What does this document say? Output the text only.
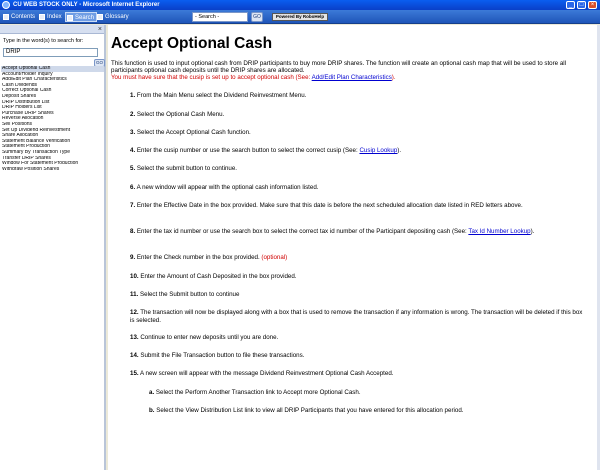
CU WEB STOCK ONLY - Microsoft Internet Explorer	_	□	×
Contents	Index	Search	Glossary	- Search -	GO	Powered By RoboHelp
×
Type in the word(s) to search for:
DRIP
GO
Accept Optional Cash
Account/Holder Inquiry
Add/Edit Plan Characteristics
Cash Dividends
Correct Optional Cash
Deposit Shares
DRIP Distribution List
DRIP Holders List
Purchase DRIP Shares
Reverse Allocation
Sell Positions
Set Up Dividend Reinvestment
Share Allocation
Statement Balance Verification
Statement Production
Summary By Transaction Type
Transfer DRIP Shares
Window For Statement Production
Withdraw Position Shares
Accept Optional Cash
This function is used to input optional cash from DRIP participants to buy more DRIP shares. The function will create an optional cash map that will be used to store all participants optional cash deposits until the DRIP shares are allocated.
You must have sure that the cusip is set up to accept optional cash (See: Add/Edit Plan Characteristics).
1. From the Main Menu select the Dividend Reinvestment Menu.
2. Select the Optional Cash Menu.
3. Select the Accept Optional Cash function.
4. Enter the cusip number or use the search button to select the correct cusip (See: Cusip Lookup).
5. Select the submit button to continue.
6. A new window will appear with the optional cash information listed.
7. Enter the Effective Date in the box provided. Make sure that this date is before the next scheduled allocation date listed in RED letters above.
8. Enter the tax id number or use the search box to select the correct tax id number of the Participant depositing cash (See: Tax Id Number Lookup).
9. Enter the Check number in the box provided. (optional)
10. Enter the Amount of Cash Deposited in the box provided.
11. Select the Submit button to continue
12. The transaction will now be displayed along with a box that is used to remove the transaction if any information is wrong. The transaction will be deleted if this box is selected.
13. Continue to enter new deposits until you are done.
14. Submit the File Transaction button to file these transactions.
15. A new screen will appear with the message Dividend Reinvestment Optional Cash Accepted.
a. Select the Perform Another Transaction link to Accept more Optional Cash.
b. Select the View Distribution List link to view all DRIP Participants that you have entered for this allocation period.
